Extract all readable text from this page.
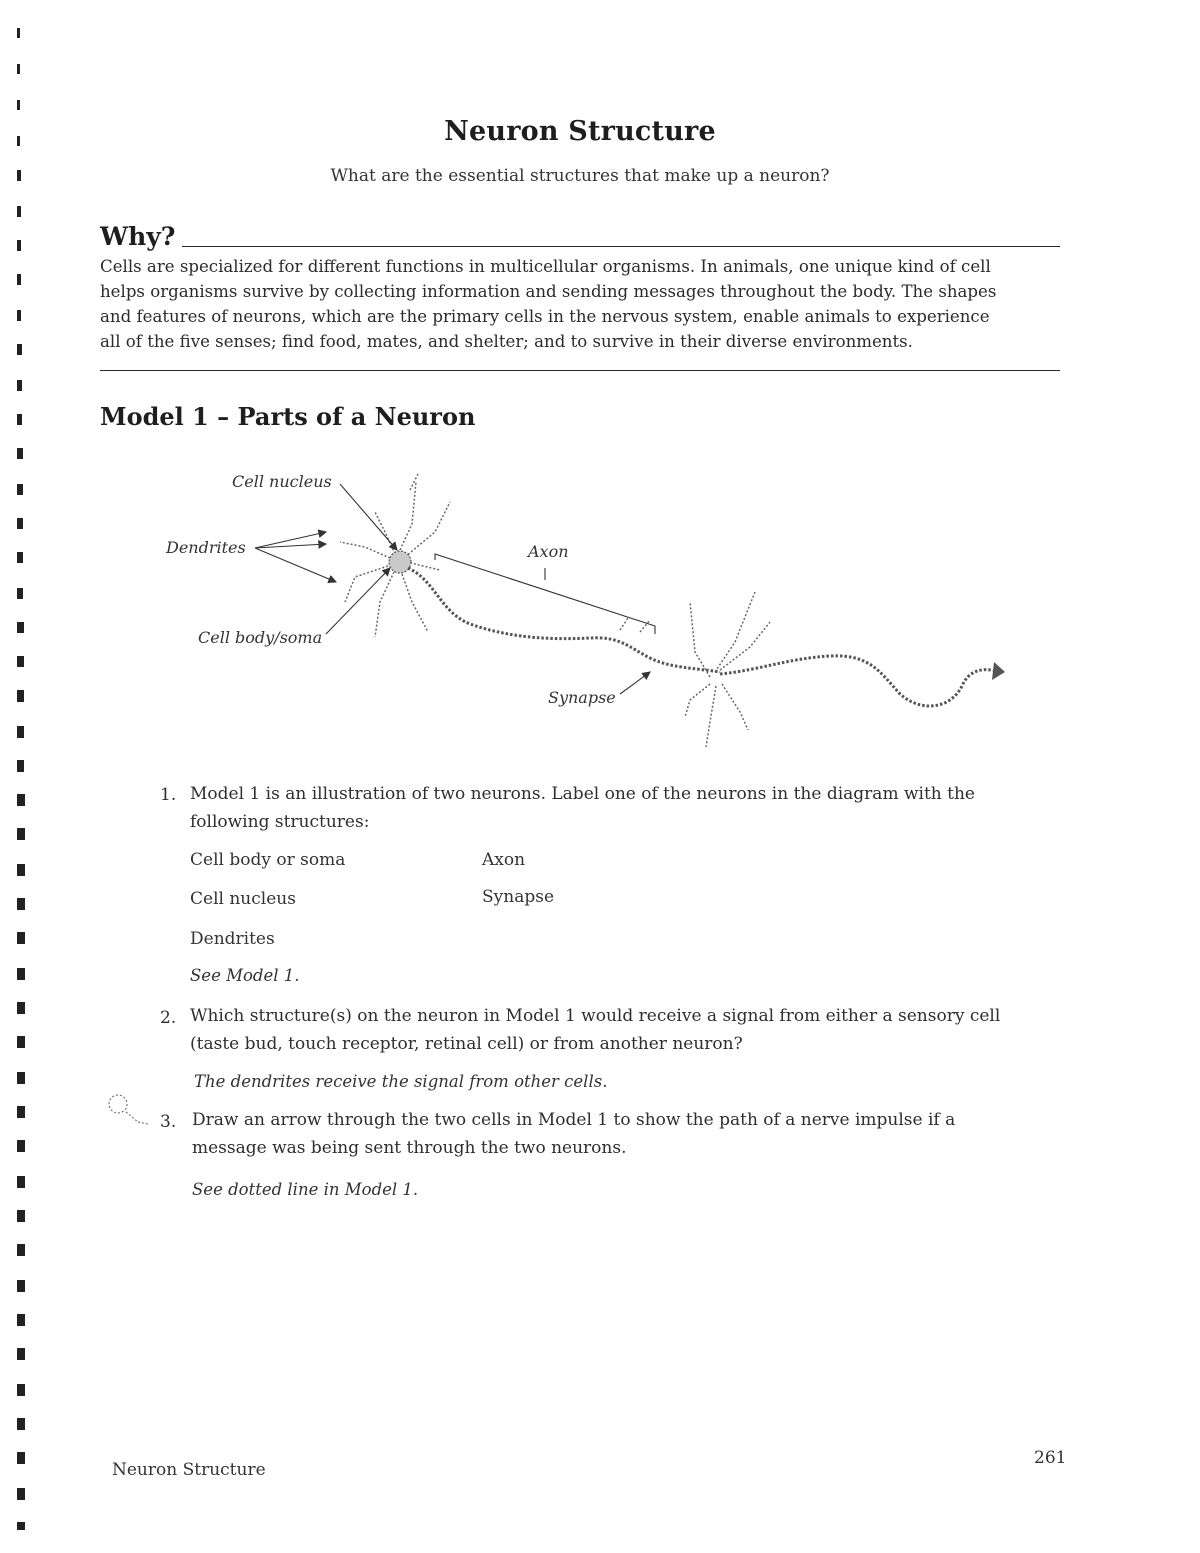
Neuron Structure
What are the essential structures that make up a neuron?
Why?
Cells are specialized for different functions in multicellular organisms. In animals, one unique kind of cell
helps organisms survive by collecting information and sending messages throughout the body. The shapes
and features of neurons, which are the primary cells in the nervous system, enable animals to experience
all of the five senses; find food, mates, and shelter; and to survive in their diverse environments.
Model 1 – Parts of a Neuron
Cell nucleus
Dendrites	Axon
Cell body/soma
Synapse
1. Model 1 is an illustration of two neurons. Label one of the neurons in the diagram with the
following structures:
Cell body or soma	Axon
Cell nucleus	Synapse
Dendrites
See Model 1.
2. Which structure(s) on the neuron in Model 1 would receive a signal from either a sensory cell
(taste bud, touch receptor, retinal cell) or from another neuron?
The dendrites receive the signal from other cells.
3. Draw an arrow through the two cells in Model 1 to show the path of a nerve impulse if a
message was being sent through the two neurons.
See dotted line in Model 1.
Neuron Structure
261
